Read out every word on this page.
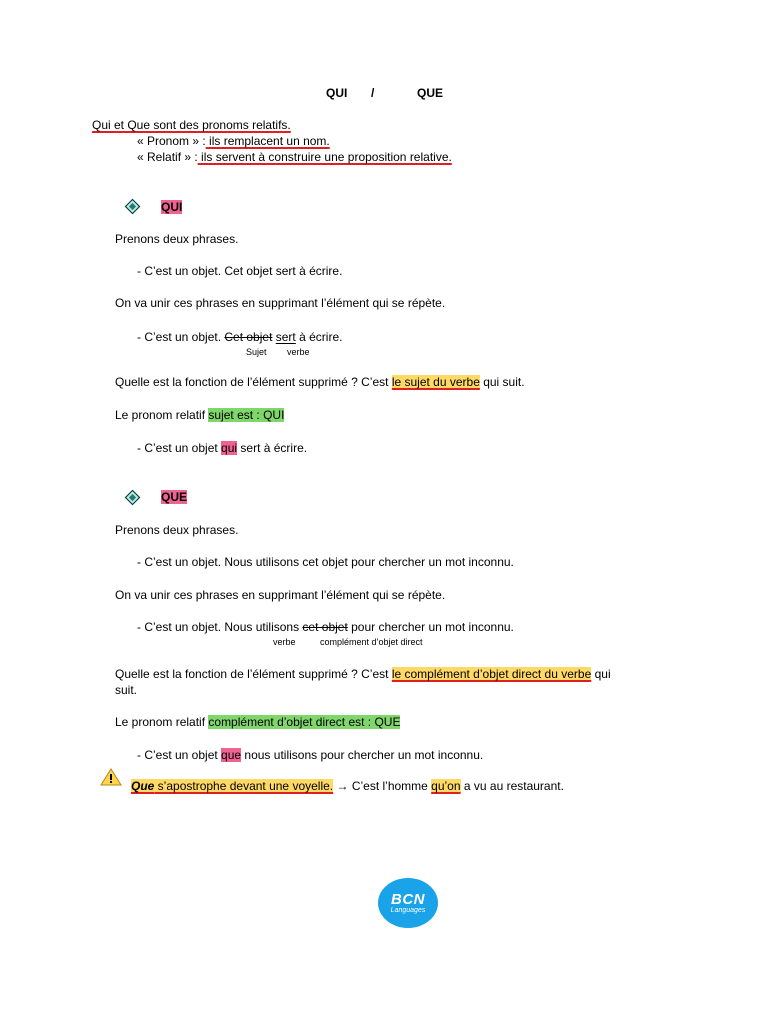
QUI /	QUE
Qui et Que sont des pronoms relatifs.
« Pronom » : ils remplacent un nom.
« Relatif » : ils servent à construire une proposition relative.
QUI
Prenons deux phrases.
- C’est un objet. Cet objet sert à écrire.
On va unir ces phrases en supprimant l’élément qui se répète.
- C’est un objet. Cet objet sert à écrire.
Sujet verbe
Quelle est la fonction de l’élément supprimé ? C’est le sujet du verbe qui suit.
Le pronom relatif sujet est : QUI
- C’est un objet qui sert à écrire.
QUE
Prenons deux phrases.
- C’est un objet. Nous utilisons cet objet pour chercher un mot inconnu.
On va unir ces phrases en supprimant l’élément qui se répète.
- C’est un objet. Nous utilisons cet objet pour chercher un mot inconnu.
verbe	complément d’objet direct
Quelle est la fonction de l’élément supprimé ? C’est le complément d’objet direct du verbe qui
suit.
Le pronom relatif complément d’objet direct est : QUE
- C’est un objet que nous utilisons pour chercher un mot inconnu.
Que s’apostrophe devant une voyelle. → C’est l’homme qu’on a vu au restaurant.
BCN
Languages
